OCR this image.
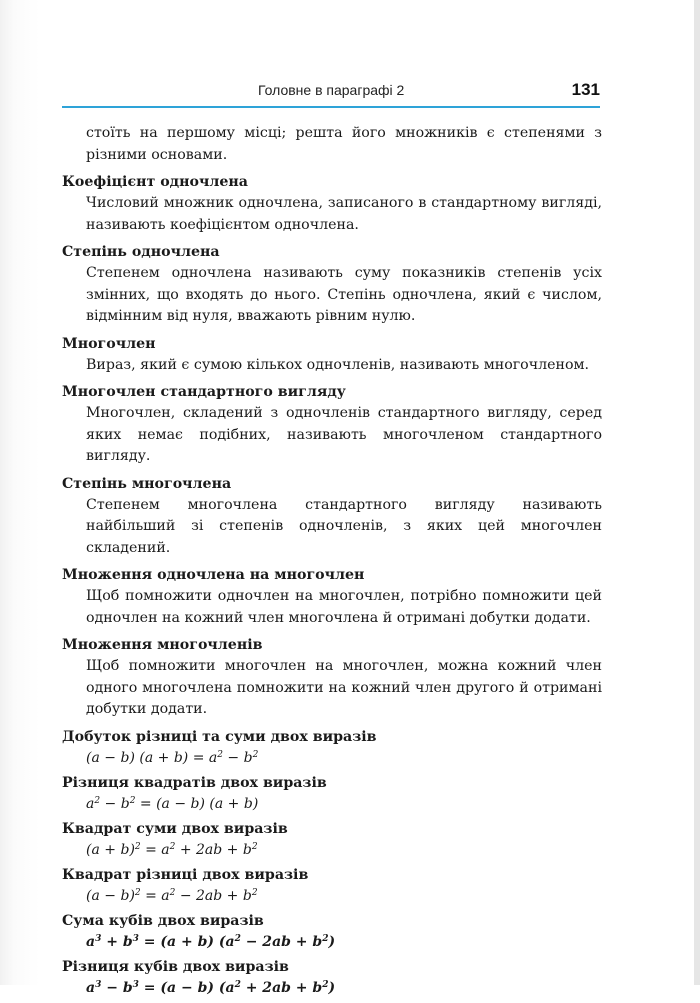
Головне в параграфі 2	131

стоїть на першому місці; решта його множників є степенями з різними основами.

Коефіцієнт одночлена

Числовий множник одночлена, записаного в стандартному вигляді, називають коефіцієнтом одночлена.

Степінь одночлена

Степенем одночлена називають суму показників степенів усіх змінних, що входять до нього. Степінь одночлена, який є числом, відмінним від нуля, вважають рівним нулю.

Многочлен

Вираз, який є сумою кількох одночленів, називають многочленом.

Многочлен стандартного вигляду

Многочлен, складений з одночленів стандартного вигляду, серед яких немає подібних, називають многочленом стандартного вигляду.

Степінь многочлена

Степенем многочлена стандартного вигляду називають найбільший зі степенів одночленів, з яких цей многочлен складений.

Множення одночлена на многочлен

Щоб помножити одночлен на многочлен, потрібно помножити цей одночлен на кожний член многочлена й отримані добутки додати.

Множення многочленів

Щоб помножити многочлен на многочлен, можна кожний член одного многочлена помножити на кожний член другого й отримані добутки додати.

Добуток різниці та суми двох виразів

(a − b) $(a + b) = a^2 - b^2$

Різниця квадратів двох виразів

$a^2 - b^2 = (a - b) (a + b)$

Квадрат суми двох виразів

$(a + b)^2 = a^2 + 2ab + b^2$

Квадрат різниці двох виразів

$(a - b)^2 = a^2 - 2ab + b^2$

Сума кубів двох виразів

$a^3 + b^3 = (a + b) (a^2 - 2ab + b^2)$

Різниця кубів двох виразів

$a^3 - b^3 = (a - b) (a^2 + 2ab + b^2)$
